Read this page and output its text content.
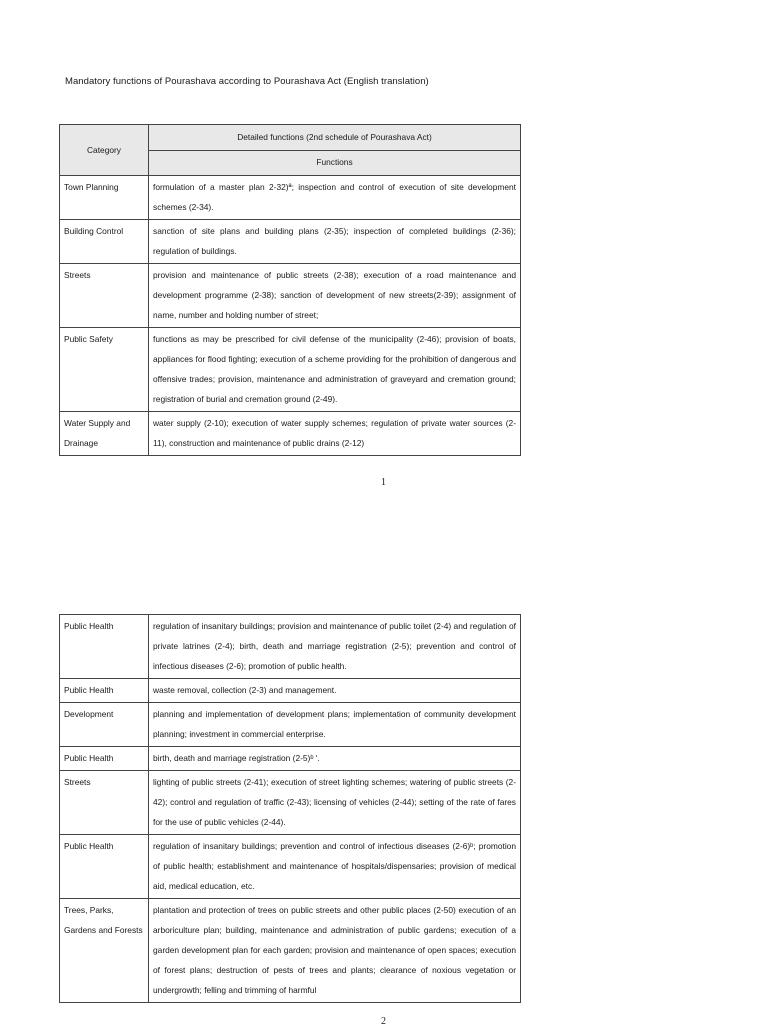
Mandatory functions of Pourashava according to Pourashava Act (English translation)
Category	Detailed functions (2nd schedule of Pourashava Act)
	Functions
Town Planning	formulation of a master plan 2-32)ª; inspection and control of execution of site development schemes (2-34).
Building Control	sanction of site plans and building plans (2-35); inspection of completed buildings (2-36); regulation of buildings.
Streets	provision and maintenance of public streets (2-38); execution of a road maintenance and development programme (2-38); sanction of development of new streets(2-39); assignment of name, number and holding number of street;
Public Safety	functions as may be prescribed for civil defense of the municipality (2-46); provision of boats, appliances for flood fighting; execution of a scheme providing for the prohibition of dangerous and offensive trades; provision, maintenance and administration of graveyard and cremation ground; registration of burial and cremation ground (2-49).
Water Supply and Drainage	water supply (2-10); execution of water supply schemes; regulation of private water sources (2-11), construction and maintenance of public drains (2-12)
1
Public Health	regulation of insanitary buildings; provision and maintenance of public toilet (2-4) and regulation of private latrines (2-4); birth, death and marriage registration (2-5); prevention and control of infectious diseases (2-6); promotion of public health.
Public Health	waste removal, collection (2-3) and management.
Development	planning and implementation of development plans; implementation of community development planning; investment in commercial enterprise.
Public Health	birth, death and marriage registration (2-5)ᵇ ʹ.
Streets	lighting of public streets (2-41); execution of street lighting schemes; watering of public streets (2-42); control and regulation of traffic (2-43); licensing of vehicles (2-44); setting of the rate of fares for the use of public vehicles (2-44).
Public Health	regulation of insanitary buildings; prevention and control of infectious diseases (2-6)ᵇ; promotion of public health; establishment and maintenance of hospitals/dispensaries; provision of medical aid, medical education, etc.
Trees, Parks, Gardens and Forests	plantation and protection of trees on public streets and other public places (2-50) execution of an arboriculture plan; building, maintenance and administration of public gardens; execution of a garden development plan for each garden; provision and maintenance of open spaces; execution of forest plans; destruction of pests of trees and plants; clearance of noxious vegetation or undergrowth; felling and trimming of harmful
2
